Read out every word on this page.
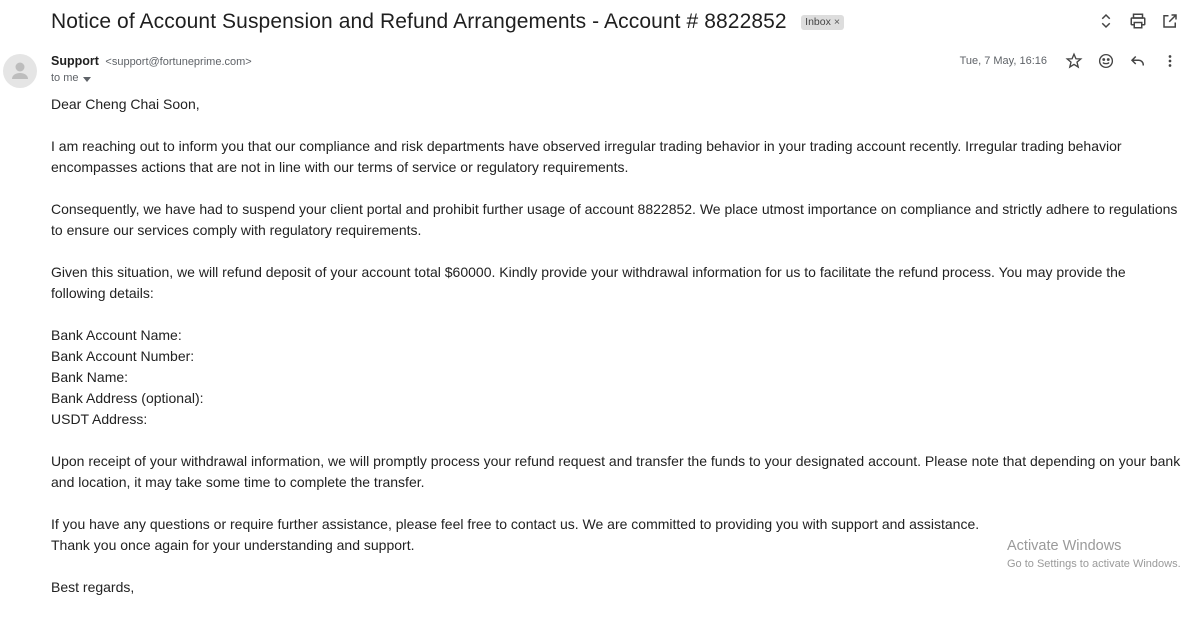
Notice of Account Suspension and Refund Arrangements - Account # 8822852 Inbox ×
Support <support@fortuneprime.com>
to me
Tue, 7 May, 16:16

Dear Cheng Chai Soon,

I am reaching out to inform you that our compliance and risk departments have observed irregular trading behavior in your trading account recently. Irregular trading behavior encompasses actions that are not in line with our terms of service or regulatory requirements.

Consequently, we have had to suspend your client portal and prohibit further usage of account 8822852. We place utmost importance on compliance and strictly adhere to regulations to ensure our services comply with regulatory requirements.

Given this situation, we will refund deposit of your account total $60000. Kindly provide your withdrawal information for us to facilitate the refund process. You may provide the following details:

Bank Account Name:
Bank Account Number:
Bank Name:
Bank Address (optional):
USDT Address:

Upon receipt of your withdrawal information, we will promptly process your refund request and transfer the funds to your designated account. Please note that depending on your bank and location, it may take some time to complete the transfer.

If you have any questions or require further assistance, please feel free to contact us. We are committed to providing you with support and assistance.
Thank you once again for your understanding and support.

Best regards,

Activate Windows
Go to Settings to activate Windows.
